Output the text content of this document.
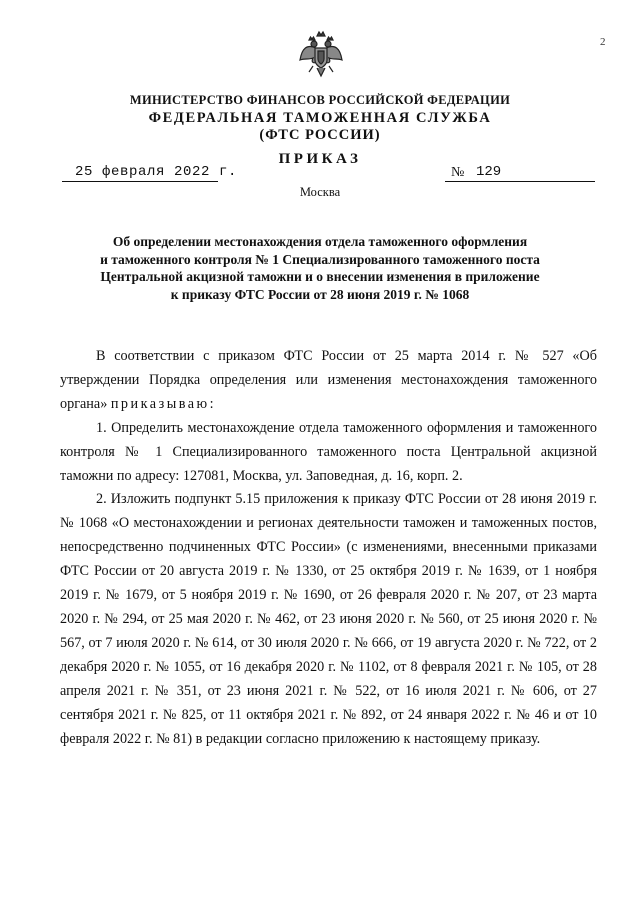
2
МИНИСТЕРСТВО ФИНАНСОВ РОССИЙСКОЙ ФЕДЕРАЦИИ
ФЕДЕРАЛЬНАЯ ТАМОЖЕННАЯ СЛУЖБА
(ФТС РОССИИ)
ПРИКАЗ
25 февраля 2022 г.	№ 129
Москва
Об определении местонахождения отдела таможенного оформления
и таможенного контроля № 1 Специализированного таможенного поста
Центральной акцизной таможни и о внесении изменения в приложение
к приказу ФТС России от 28 июня 2019 г. № 1068

В соответствии с приказом ФТС России от 25 марта 2014 г. № 527 «Об утверждении Порядка определения или изменения местонахождения таможенного органа» приказываю:

1. Определить местонахождение отдела таможенного оформления и таможенного контроля № 1 Специализированного таможенного поста Центральной акцизной таможни по адресу: 127081, Москва, ул. Заповедная, д. 16, корп. 2.

2. Изложить подпункт 5.15 приложения к приказу ФТС России от 28 июня 2019 г. № 1068 «О местонахождении и регионах деятельности таможен и таможенных постов, непосредственно подчиненных ФТС России» (с изменениями, внесенными приказами ФТС России от 20 августа 2019 г. № 1330, от 25 октября 2019 г. № 1639, от 1 ноября 2019 г. № 1679, от 5 ноября 2019 г. № 1690, от 26 февраля 2020 г. № 207, от 23 марта 2020 г. № 294, от 25 мая 2020 г. № 462, от 23 июня 2020 г. № 560, от 25 июня 2020 г. № 567, от 7 июля 2020 г. № 614, от 30 июля 2020 г. № 666, от 19 августа 2020 г. № 722, от 2 декабря 2020 г. № 1055, от 16 декабря 2020 г. № 1102, от 8 февраля 2021 г. № 105, от 28 апреля 2021 г. № 351, от 23 июня 2021 г. № 522, от 16 июля 2021 г. № 606, от 27 сентября 2021 г. № 825, от 11 октября 2021 г. № 892, от 24 января 2022 г. № 46 и от 10 февраля 2022 г. № 81) в редакции согласно приложению к настоящему приказу.
